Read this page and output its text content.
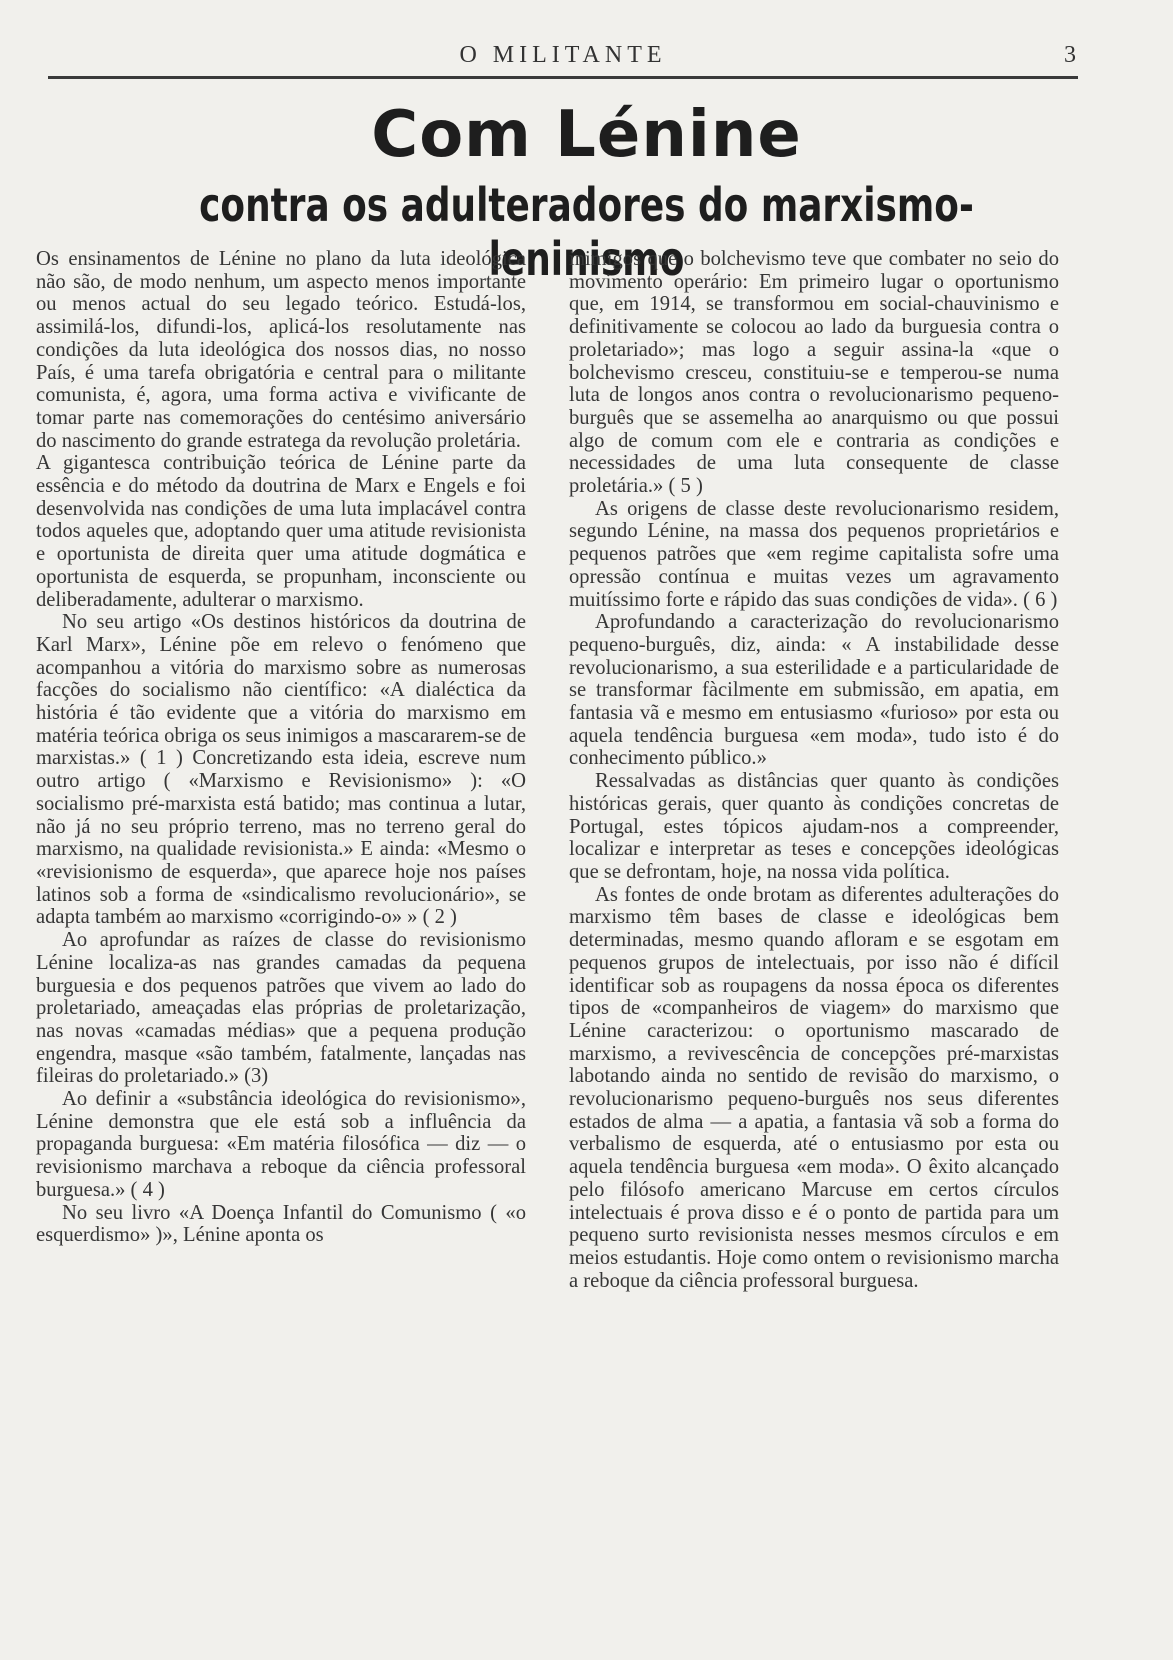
O MILITANTE	3
Com Lénine
contra os adulteradores do marxismo-leninismo

Os ensinamentos de Lénine no plano da luta ideológica não são, de modo nenhum, um aspecto menos importante ou menos actual do seu legado teórico. Estudá-los, assimilá-los, difundi-los, aplicá-los resolutamente nas condições da luta ideológica dos nossos dias, no nosso País, é uma tarefa obrigatória e central para o militante comunista, é, agora, uma forma activa e vivificante de tomar parte nas comemorações do centésimo aniversário do nascimento do grande estratega da revolução proletária.

A gigantesca contribuição teórica de Lénine parte da essência e do método da doutrina de Marx e Engels e foi desenvolvida nas condições de uma luta implacável contra todos aqueles que, adoptando quer uma atitude revisionista e oportunista de direita quer uma atitude dogmática e oportunista de esquerda, se propunham, inconsciente ou deliberadamente, adulterar o marxismo.

No seu artigo «Os destinos históricos da doutrina de Karl Marx», Lénine põe em relevo o fenómeno que acompanhou a vitória do marxismo sobre as numerosas facções do socialismo não científico: «A dialéctica da história é tão evidente que a vitória do marxismo em matéria teórica obriga os seus inimigos a mascararem-se de marxistas.» ( 1 ) Concretizando esta ideia, escreve num outro artigo ( «Marxismo e Revisionismo» ): «O socialismo pré-marxista está batido; mas continua a lutar, não já no seu próprio terreno, mas no terreno geral do marxismo, na qualidade revisionista.» E ainda: «Mesmo o «revisionismo de esquerda», que aparece hoje nos países latinos sob a forma de «sindicalismo revolucionário», se adapta também ao marxismo «corrigindo-o» » ( 2 )

Ao aprofundar as raízes de classe do revisionismo Lénine localiza-as nas grandes camadas da pequena burguesia e dos pequenos patrões que vivem ao lado do proletariado, ameaçadas elas próprias de proletarização, nas novas «camadas médias» que a pequena produção engendra, masque «são também, fatalmente, lançadas nas fileiras do proletariado.» (3)

Ao definir a «substância ideológica do revisionismo», Lénine demonstra que ele está sob a influência da propaganda burguesa: «Em matéria filosófica — diz — o revisionismo marchava a reboque da ciência professoral burguesa.» ( 4 )

No seu livro «A Doença Infantil do Comunismo ( «o esquerdismo» )», Lénine aponta os

inimigos que o bolchevismo teve que combater no seio do movimento operário: Em primeiro lugar o oportunismo que, em 1914, se transformou em social-chauvinismo e definitivamente se colocou ao lado da burguesia contra o proletariado»; mas logo a seguir assina-la «que o bolchevismo cresceu, constituiu-se e temperou-se numa luta de longos anos contra o revolucionarismo pequeno-burguês que se assemelha ao anarquismo ou que possui algo de comum com ele e contraria as condições e necessidades de uma luta consequente de classe proletária.» ( 5 )

As origens de classe deste revolucionarismo residem, segundo Lénine, na massa dos pequenos proprietários e pequenos patrões que «em regime capitalista sofre uma opressão contínua e muitas vezes um agravamento muitíssimo forte e rápido das suas condições de vida». ( 6 )

Aprofundando a caracterização do revolucionarismo pequeno-burguês, diz, ainda: « A instabilidade desse revolucionarismo, a sua esterilidade e a particularidade de se transformar fàcilmente em submissão, em apatia, em fantasia vã e mesmo em entusiasmo «furioso» por esta ou aquela tendência burguesa «em moda», tudo isto é do conhecimento público.»

Ressalvadas as distâncias quer quanto às condições históricas gerais, quer quanto às condições concretas de Portugal, estes tópicos ajudam-nos a compreender, localizar e interpretar as teses e concepções ideológicas que se defrontam, hoje, na nossa vida política.

As fontes de onde brotam as diferentes adulterações do marxismo têm bases de classe e ideológicas bem determinadas, mesmo quando afloram e se esgotam em pequenos grupos de intelectuais, por isso não é difícil identificar sob as roupagens da nossa época os diferentes tipos de «companheiros de viagem» do marxismo que Lénine caracterizou: o oportunismo mascarado de marxismo, a revivescência de concepções pré-marxistas labotando ainda no sentido de revisão do marxismo, o revolucionarismo pequeno-burguês nos seus diferentes estados de alma — a apatia, a fantasia vã sob a forma do verbalismo de esquerda, até o entusiasmo por esta ou aquela tendência burguesa «em moda». O êxito alcançado pelo filósofo americano Marcuse em certos círculos intelectuais é prova disso e é o ponto de partida para um pequeno surto revisionista nesses mesmos círculos e em meios estudantis. Hoje como ontem o revisionismo marcha a reboque da ciência professoral burguesa.
